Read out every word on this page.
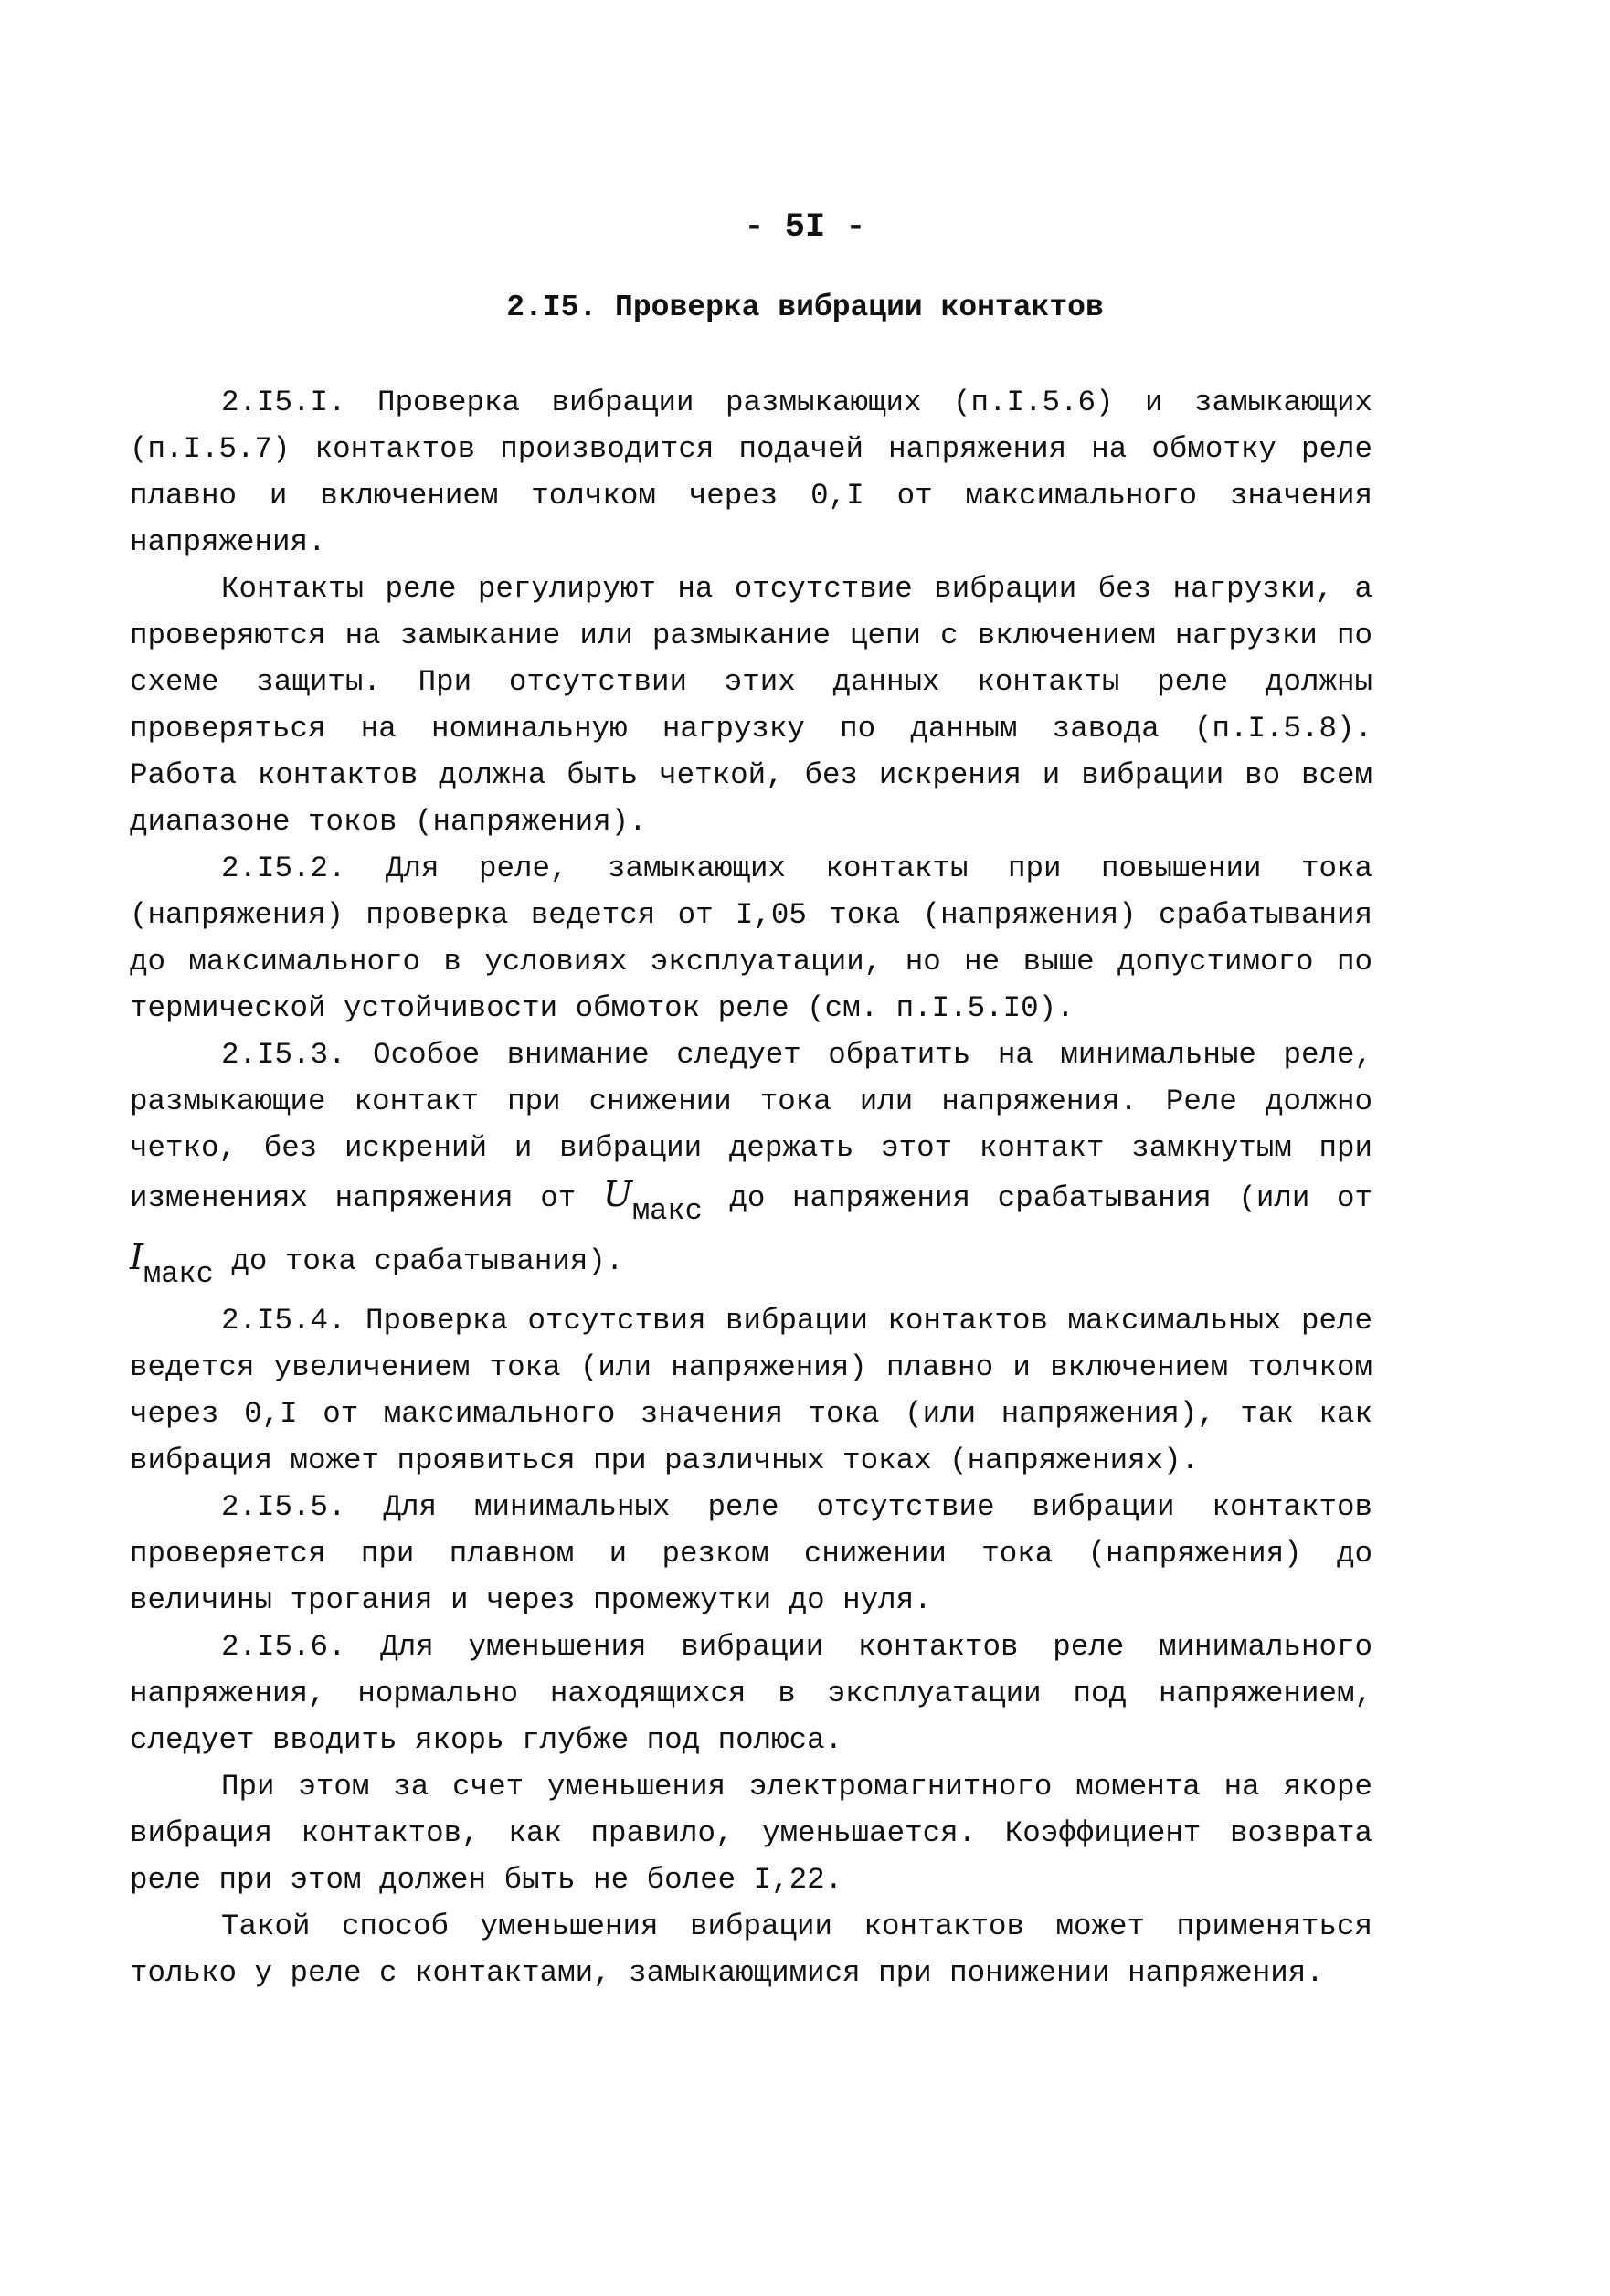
- 5I -
2.I5. Проверка вибрации контактов

2.I5.I. Проверка вибрации размыкающих (п.I.5.6) и замыкающих (п.I.5.7) контактов производится подачей напряжения на обмотку реле плавно и включением толчком через 0,I от максимального значения напряжения.

Контакты реле регулируют на отсутствие вибрации без нагрузки, а проверяются на замыкание или размыкание цепи с включением нагрузки по схеме защиты. При отсутствии этих данных контакты реле должны проверяться на номинальную нагрузку по данным завода (п.I.5.8). Работа контактов должна быть четкой, без искрения и вибрации во всем диапазоне токов (напряжения).

2.I5.2. Для реле, замыкающих контакты при повышении тока (напряжения) проверка ведется от I,05 тока (напряжения) срабатывания до максимального в условиях эксплуатации, но не выше допустимого по термической устойчивости обмоток реле (см. п.I.5.I0).

2.I5.3. Особое внимание следует обратить на минимальные реле, размыкающие контакт при снижении тока или напряжения. Реле должно четко, без искрений и вибрации держать этот контакт замкнутым при изменениях напряжения от $U_{макс}$ до напряжения срабатывания (или от $I_{макс}$ до тока срабатывания).

2.I5.4. Проверка отсутствия вибрации контактов максимальных реле ведется увеличением тока (или напряжения) плавно и включением толчком через 0,I от максимального значения тока (или напряжения), так как вибрация может проявиться при различных токах (напряжениях).

2.I5.5. Для минимальных реле отсутствие вибрации контактов проверяется при плавном и резком снижении тока (напряжения) до величины трогания и через промежутки до нуля.

2.I5.6. Для уменьшения вибрации контактов реле минимального напряжения, нормально находящихся в эксплуатации под напряжением, следует вводить якорь глубже под полюса.

При этом за счет уменьшения электромагнитного момента на якоре вибрация контактов, как правило, уменьшается. Коэффициент возврата реле при этом должен быть не более I,22.

Такой способ уменьшения вибрации контактов может применяться только у реле с контактами, замыкающимися при понижении напряжения.
